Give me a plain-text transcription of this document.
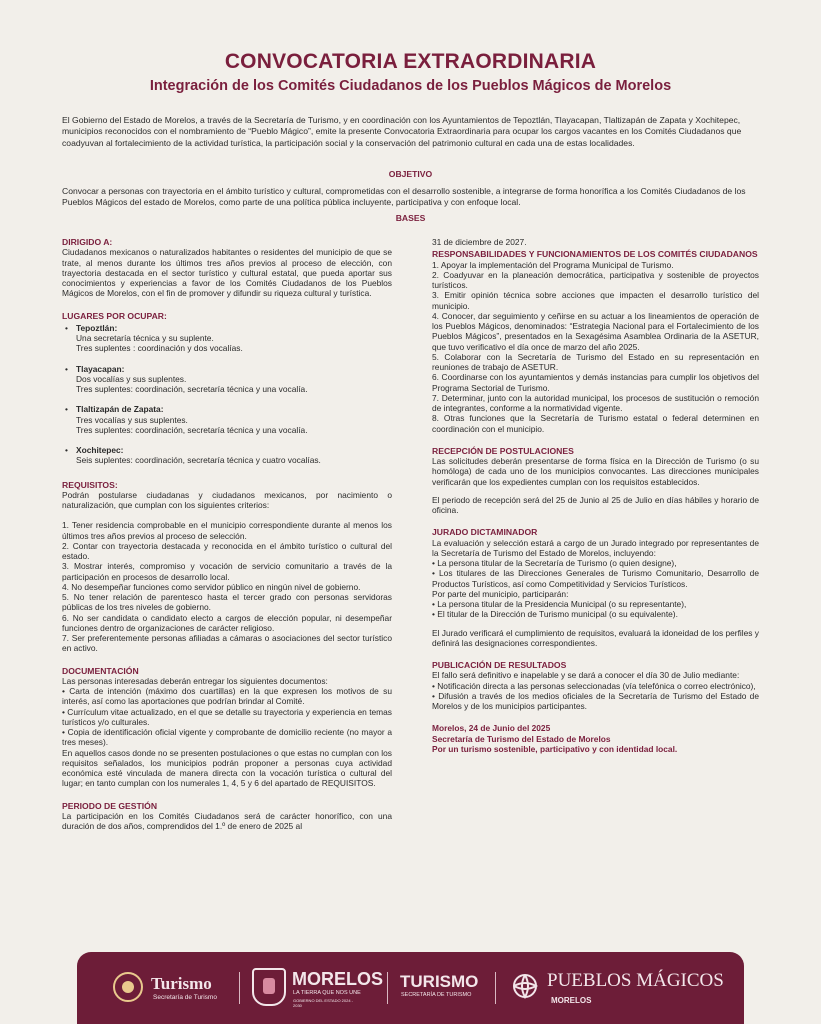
CONVOCATORIA EXTRAORDINARIA
Integración de los Comités Ciudadanos de los Pueblos Mágicos de Morelos
El Gobierno del Estado de Morelos, a través de la Secretaría de Turismo, y en coordinación con los Ayuntamientos de Tepoztlán, Tlayacapan, Tlaltizapán de Zapata y Xochitepec, municipios reconocidos con el nombramiento de “Pueblo Mágico”, emite la presente Convocatoria Extraordinaria para ocupar los cargos vacantes en los Comités Ciudadanos que coadyuvan al fortalecimiento de la actividad turística, la participación social y la conservación del patrimonio cultural en cada una de estas localidades.
OBJETIVO
Convocar a personas con trayectoria en el ámbito turístico y cultural, comprometidas con el desarrollo sostenible, a integrarse de forma honorífica a los Comités Ciudadanos de los Pueblos Mágicos del estado de Morelos, como parte de una política pública incluyente, participativa y con enfoque local.
BASES
DIRIGIDO A:
Ciudadanos mexicanos o naturalizados habitantes o residentes del municipio de que se trate, al menos durante los últimos tres años previos al proceso de elección, con trayectoria destacada en el sector turístico y cultural estatal, que pueda aportar sus conocimientos y experiencias a favor de los Comités Ciudadanos de los Pueblos Mágicos de Morelos, con el fin de promover y difundir su riqueza cultural y turística.
LUGARES POR OCUPAR:
• Tepoztlán:
Una secretaría técnica y su suplente.
Tres suplentes : coordinación y dos vocalías.
• Tlayacapan:
Dos vocalías y sus suplentes.
Tres suplentes: coordinación, secretaría técnica y una vocalía.
• Tlaltizapán de Zapata:
Tres vocalías y sus suplentes.
Tres suplentes: coordinación, secretaría técnica y una vocalía.
• Xochitepec:
Seis suplentes: coordinación, secretaría técnica y cuatro vocalías.
REQUISITOS:
Podrán postularse ciudadanas y ciudadanos mexicanos, por nacimiento o naturalización, que cumplan con los siguientes criterios:
1. Tener residencia comprobable en el municipio correspondiente durante al menos los últimos tres años previos al proceso de selección.
2. Contar con trayectoria destacada y reconocida en el ámbito turístico o cultural del estado.
3. Mostrar interés, compromiso y vocación de servicio comunitario a través de la participación en procesos de desarrollo local.
4. No desempeñar funciones como servidor público en ningún nivel de gobierno.
5. No tener relación de parentesco hasta el tercer grado con personas servidoras públicas de los tres niveles de gobierno.
6. No ser candidata o candidato electo a cargos de elección popular, ni desempeñar funciones dentro de organizaciones de carácter religioso.
7. Ser preferentemente personas afiliadas a cámaras o asociaciones del sector turístico en activo.
DOCUMENTACIÓN
Las personas interesadas deberán entregar los siguientes documentos:
• Carta de intención (máximo dos cuartillas) en la que expresen los motivos de su interés, así como las aportaciones que podrían brindar al Comité.
• Currículum vitae actualizado, en el que se detalle su trayectoria y experiencia en temas turísticos y/o culturales.
• Copia de identificación oficial vigente y comprobante de domicilio reciente (no mayor a tres meses).
En aquellos casos donde no se presenten postulaciones o que estas no cumplan con los requisitos señalados, los municipios podrán proponer a personas cuya actividad económica esté vinculada de manera directa con la vocación turística o cultural del lugar; en tanto cumplan con los numerales 1, 4, 5 y 6 del apartado de REQUISITOS.
PERIODO DE GESTIÓN
La participación en los Comités Ciudadanos será de carácter honorífico, con una duración de dos años, comprendidos del 1.º de enero de 2025 al
31 de diciembre de 2027.
RESPONSABILIDADES Y FUNCIONAMIENTOS DE LOS COMITÉS CIUDADANOS
1. Apoyar la implementación del Programa Municipal de Turismo.
2. Coadyuvar en la planeación democrática, participativa y sostenible de proyectos turísticos.
3. Emitir opinión técnica sobre acciones que impacten el desarrollo turístico del municipio.
4. Conocer, dar seguimiento y ceñirse en su actuar a los lineamientos de operación de los Pueblos Mágicos, denominados: “Estrategia Nacional para el Fortalecimiento de los Pueblos Mágicos”, presentados en la Sexagésima Asamblea Ordinaria de la ASETUR, que tuvo verificativo el día once de marzo del año 2025.
5. Colaborar con la Secretaría de Turismo del Estado en su representación en reuniones de trabajo de ASETUR.
6. Coordinarse con los ayuntamientos y demás instancias para cumplir los objetivos del Programa Sectorial de Turismo.
7. Determinar, junto con la autoridad municipal, los procesos de sustitución o remoción de integrantes, conforme a la normatividad vigente.
8. Otras funciones que la Secretaría de Turismo estatal o federal determinen en coordinación con el municipio.
RECEPCIÓN DE POSTULACIONES
Las solicitudes deberán presentarse de forma física en la Dirección de Turismo (o su homóloga) de cada uno de los municipios convocantes. Las direcciones municipales verificarán que los expedientes cumplan con los requisitos establecidos.
El periodo de recepción será del 25 de Junio al 25 de Julio en días hábiles y horario de oficina.
JURADO DICTAMINADOR
La evaluación y selección estará a cargo de un Jurado integrado por representantes de la Secretaría de Turismo del Estado de Morelos, incluyendo:
• La persona titular de la Secretaría de Turismo (o quien designe),
• Los titulares de las Direcciones Generales de Turismo Comunitario, Desarrollo de Productos Turísticos, así como Competitividad y Servicios Turísticos.
Por parte del municipio, participarán:
• La persona titular de la Presidencia Municipal (o su representante),
• El titular de la Dirección de Turismo municipal (o su equivalente).
El Jurado verificará el cumplimiento de requisitos, evaluará la idoneidad de los perfiles y definirá las designaciones correspondientes.
PUBLICACIÓN DE RESULTADOS
El fallo será definitivo e inapelable y se dará a conocer el día 30 de Julio mediante:
• Notificación directa a las personas seleccionadas (vía telefónica o correo electrónico),
• Difusión a través de los medios oficiales de la Secretaría de Turismo del Estado de Morelos y de los municipios participantes.
Morelos, 24 de Junio del 2025
Secretaría de Turismo del Estado de Morelos
Por un turismo sostenible, participativo y con identidad local.
Turismo
Secretaría de Turismo
MORELOS
LA TIERRA QUE NOS UNE
GOBIERNO DEL ESTADO 2024 - 2030
TURISMO
SECRETARÍA DE TURISMO
PUEBLOS MÁGICOS
MORELOS
